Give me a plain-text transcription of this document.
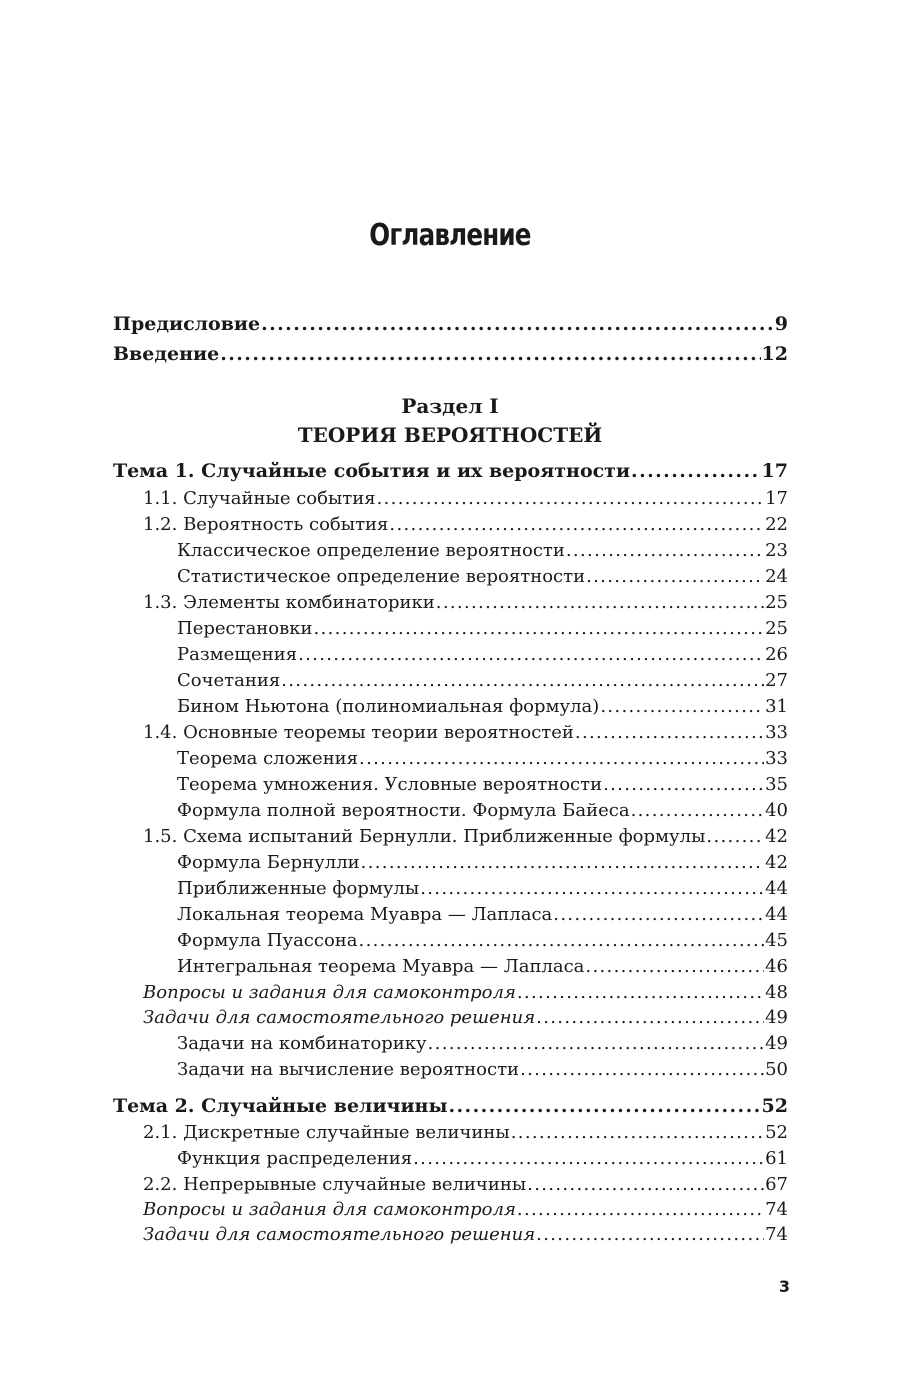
Оглавление
Предисловие . . .	9
Введение . . .	12
Раздел I
ТЕОРИЯ ВЕРОЯТНОСТЕЙ
Тема 1. Случайные события и их вероятности . . .	17
1.1. Случайные события . . .	17
1.2. Вероятность события . . .	22
Классическое определение вероятности . . .	23
Статистическое определение вероятности . . .	24
1.3. Элементы комбинаторики . . .	25
Перестановки . . .	25
Размещения . . .	26
Сочетания . . .	27
Бином Ньютона (полиномиальная формула) . . .	31
1.4. Основные теоремы теории вероятностей . . .	33
Теорема сложения . . .	33
Теорема умножения. Условные вероятности . . .	35
Формула полной вероятности. Формула Байеса . . .	40
1.5. Схема испытаний Бернулли. Приближенные формулы . . .	42
Формула Бернулли . . .	42
Приближенные формулы . . .	44
Локальная теорема Муавра — Лапласа . . .	44
Формула Пуассона . . .	45
Интегральная теорема Муавра — Лапласа . . .	46
Вопросы и задания для самоконтроля . . .	48
Задачи для самостоятельного решения . . .	49
Задачи на комбинаторику . . .	49
Задачи на вычисление вероятности . . .	50
Тема 2. Случайные величины . . .	52
2.1. Дискретные случайные величины . . .	52
Функция распределения . . .	61
2.2. Непрерывные случайные величины . . .	67
Вопросы и задания для самоконтроля . . .	74
Задачи для самостоятельного решения . . .	74
3
